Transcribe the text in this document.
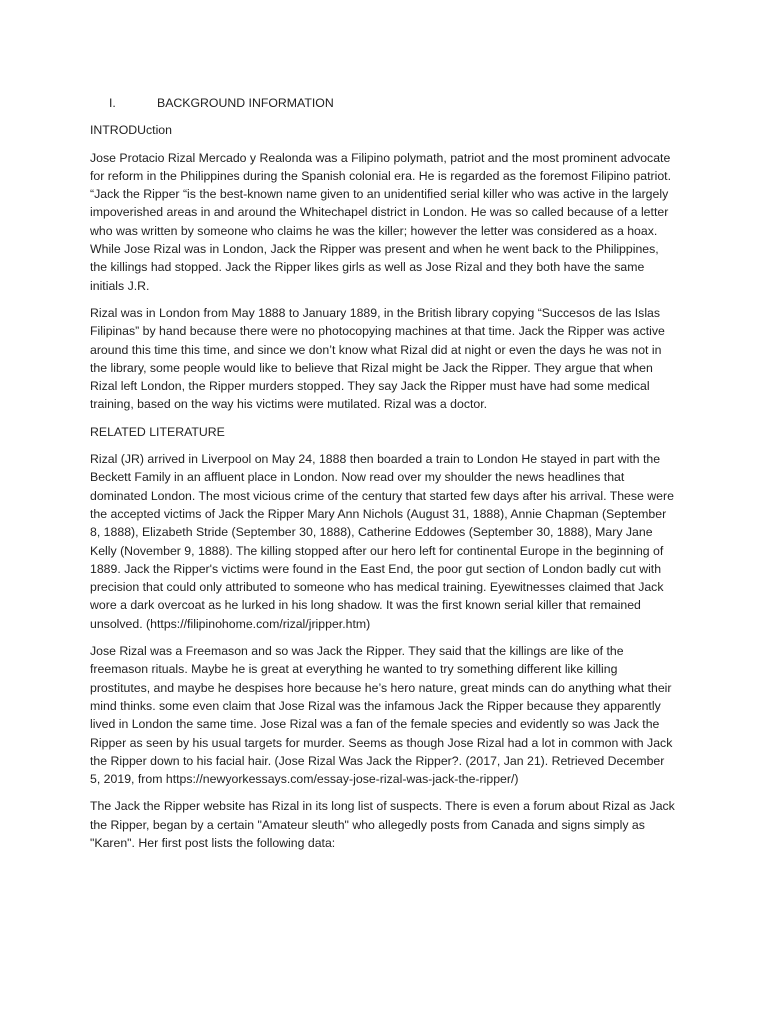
I.	BACKGROUND INFORMATION
INTRODUction

Jose Protacio Rizal Mercado y Realonda was a Filipino polymath, patriot and the most prominent advocate for reform in the Philippines during the Spanish colonial era. He is regarded as the foremost Filipino patriot. “Jack the Ripper “is the best-known name given to an unidentified serial killer who was active in the largely impoverished areas in and around the Whitechapel district in London. He was so called because of a letter who was written by someone who claims he was the killer; however the letter was considered as a hoax. While Jose Rizal was in London, Jack the Ripper was present and when he went back to the Philippines, the killings had stopped. Jack the Ripper likes girls as well as Jose Rizal and they both have the same initials J.R.

Rizal was in London from May 1888 to January 1889, in the British library copying “Succesos de las Islas Filipinas” by hand because there were no photocopying machines at that time. Jack the Ripper was active around this time this time, and since we don’t know what Rizal did at night or even the days he was not in the library, some people would like to believe that Rizal might be Jack the Ripper. They argue that when Rizal left London, the Ripper murders stopped. They say Jack the Ripper must have had some medical training, based on the way his victims were mutilated. Rizal was a doctor.

RELATED LITERATURE

Rizal (JR) arrived in Liverpool on May 24, 1888 then boarded a train to London He stayed in part with the Beckett Family in an affluent place in London. Now read over my shoulder the news headlines that dominated London. The most vicious crime of the century that started few days after his arrival. These were the accepted victims of Jack the Ripper Mary Ann Nichols (August 31, 1888), Annie Chapman (September 8, 1888), Elizabeth Stride (September 30, 1888), Catherine Eddowes (September 30, 1888), Mary Jane Kelly (November 9, 1888). The killing stopped after our hero left for continental Europe in the beginning of 1889. Jack the Ripper's victims were found in the East End, the poor gut section of London badly cut with precision that could only attributed to someone who has medical training. Eyewitnesses claimed that Jack wore a dark overcoat as he lurked in his long shadow. It was the first known serial killer that remained unsolved. (https://filipinohome.com/rizal/jripper.htm)

Jose Rizal was a Freemason and so was Jack the Ripper. They said that the killings are like of the freemason rituals. Maybe he is great at everything he wanted to try something different like killing prostitutes, and maybe he despises hore because he’s hero nature, great minds can do anything what their mind thinks. some even claim that Jose Rizal was the infamous Jack the Ripper because they apparently lived in London the same time. Jose Rizal was a fan of the female species and evidently so was Jack the Ripper as seen by his usual targets for murder. Seems as though Jose Rizal had a lot in common with Jack the Ripper down to his facial hair. (Jose Rizal Was Jack the Ripper?. (2017, Jan 21). Retrieved December 5, 2019, from https://newyorkessays.com/essay-jose-rizal-was-jack-the-ripper/)

The Jack the Ripper website has Rizal in its long list of suspects. There is even a forum about Rizal as Jack the Ripper, began by a certain "Amateur sleuth" who allegedly posts from Canada and signs simply as "Karen". Her first post lists the following data:
